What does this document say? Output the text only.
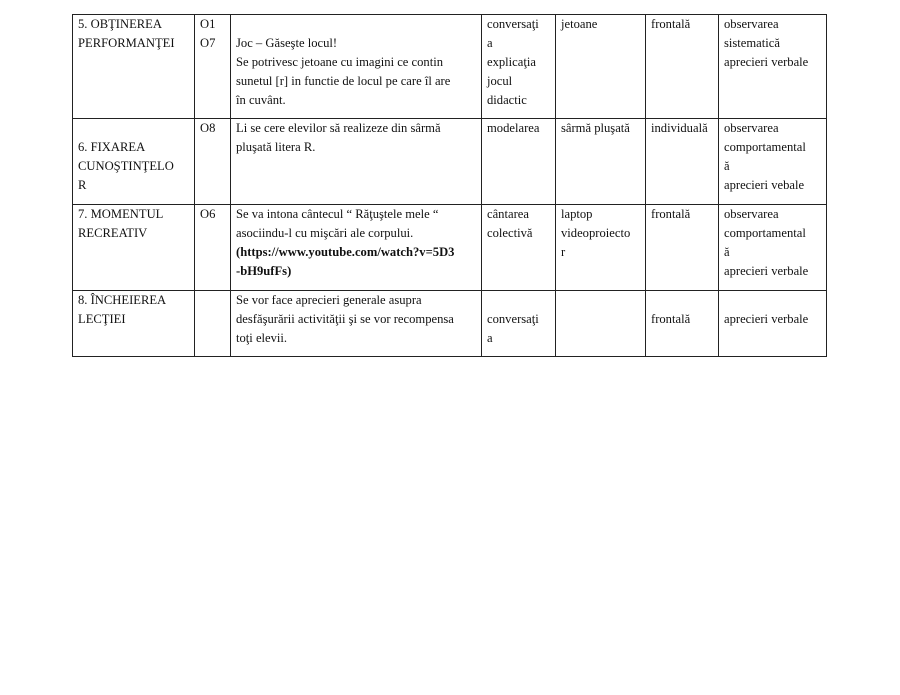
5. OBŢINEREA
PERFORMANŢEI	O1
O7	Joc – Găseşte locul!
Se potrivesc jetoane cu imagini ce contin
sunetul [r] in functie de locul pe care îl are
în cuvânt.	conversaţi
a
explicaţia
jocul
didactic	jetoane	frontală	observarea
sistematică
aprecieri verbale

6. FIXAREA
CUNOŞTINŢELO
R	O8	Li se cere elevilor să realizeze din sârmă
pluşată litera R.	modelarea	sârmă pluşată	individuală	observarea
comportamental
ă
aprecieri vebale

7. MOMENTUL
RECREATIV	O6	Se va intona cântecul “ Răţuştele mele “
asociindu-l cu mişcări ale corpului.
(https://www.youtube.com/watch?v=5D3
-bH9ufFs)	cântarea
colectivă	laptop
videoproiecto
r	frontală	observarea
comportamental
ă
aprecieri verbale

8. ÎNCHEIEREA
LECŢIEI		Se vor face aprecieri generale asupra
desfăşurării activităţii şi se vor recompensa
toţi elevii.	conversaţi
a		frontală	aprecieri verbale
